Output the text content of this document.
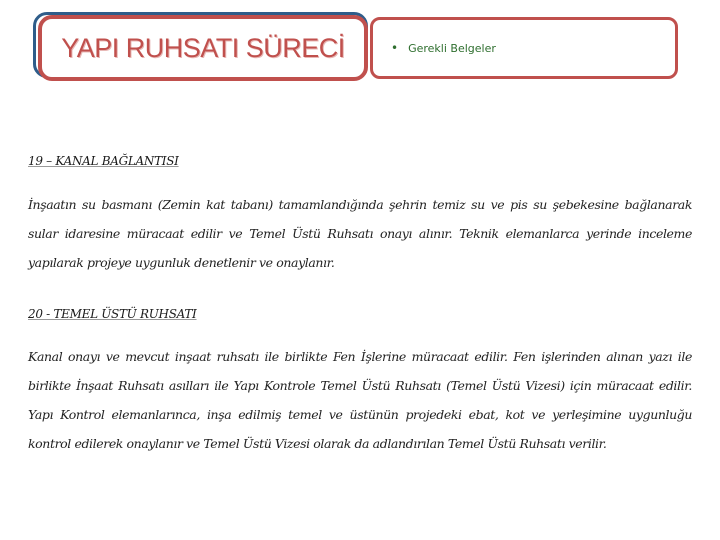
YAPI RUHSATI SÜRECİ	• Gerekli Belgeler
19 – KANAL BAĞLANTISI

İnşaatın su basmanı (Zemin kat tabanı) tamamlandığında şehrin temiz su ve pis su şebekesine bağlanarak sular idaresine müracaat edilir ve Temel Üstü Ruhsatı onayı alınır. Teknik elemanlarca yerinde inceleme yapılarak projeye uygunluk denetlenir ve onaylanır.

20 - TEMEL ÜSTÜ RUHSATI

Kanal onayı ve mevcut inşaat ruhsatı ile birlikte Fen İşlerine müracaat edilir. Fen işlerinden alınan yazı ile birlikte İnşaat Ruhsatı asılları ile Yapı Kontrole Temel Üstü Ruhsatı (Temel Üstü Vizesi) için müracaat edilir. Yapı Kontrol elemanlarınca, inşa edilmiş temel ve üstünün projedeki ebat, kot ve yerleşimine uygunluğu kontrol edilerek onaylanır ve Temel Üstü Vizesi olarak da adlandırılan Temel Üstü Ruhsatı verilir.
